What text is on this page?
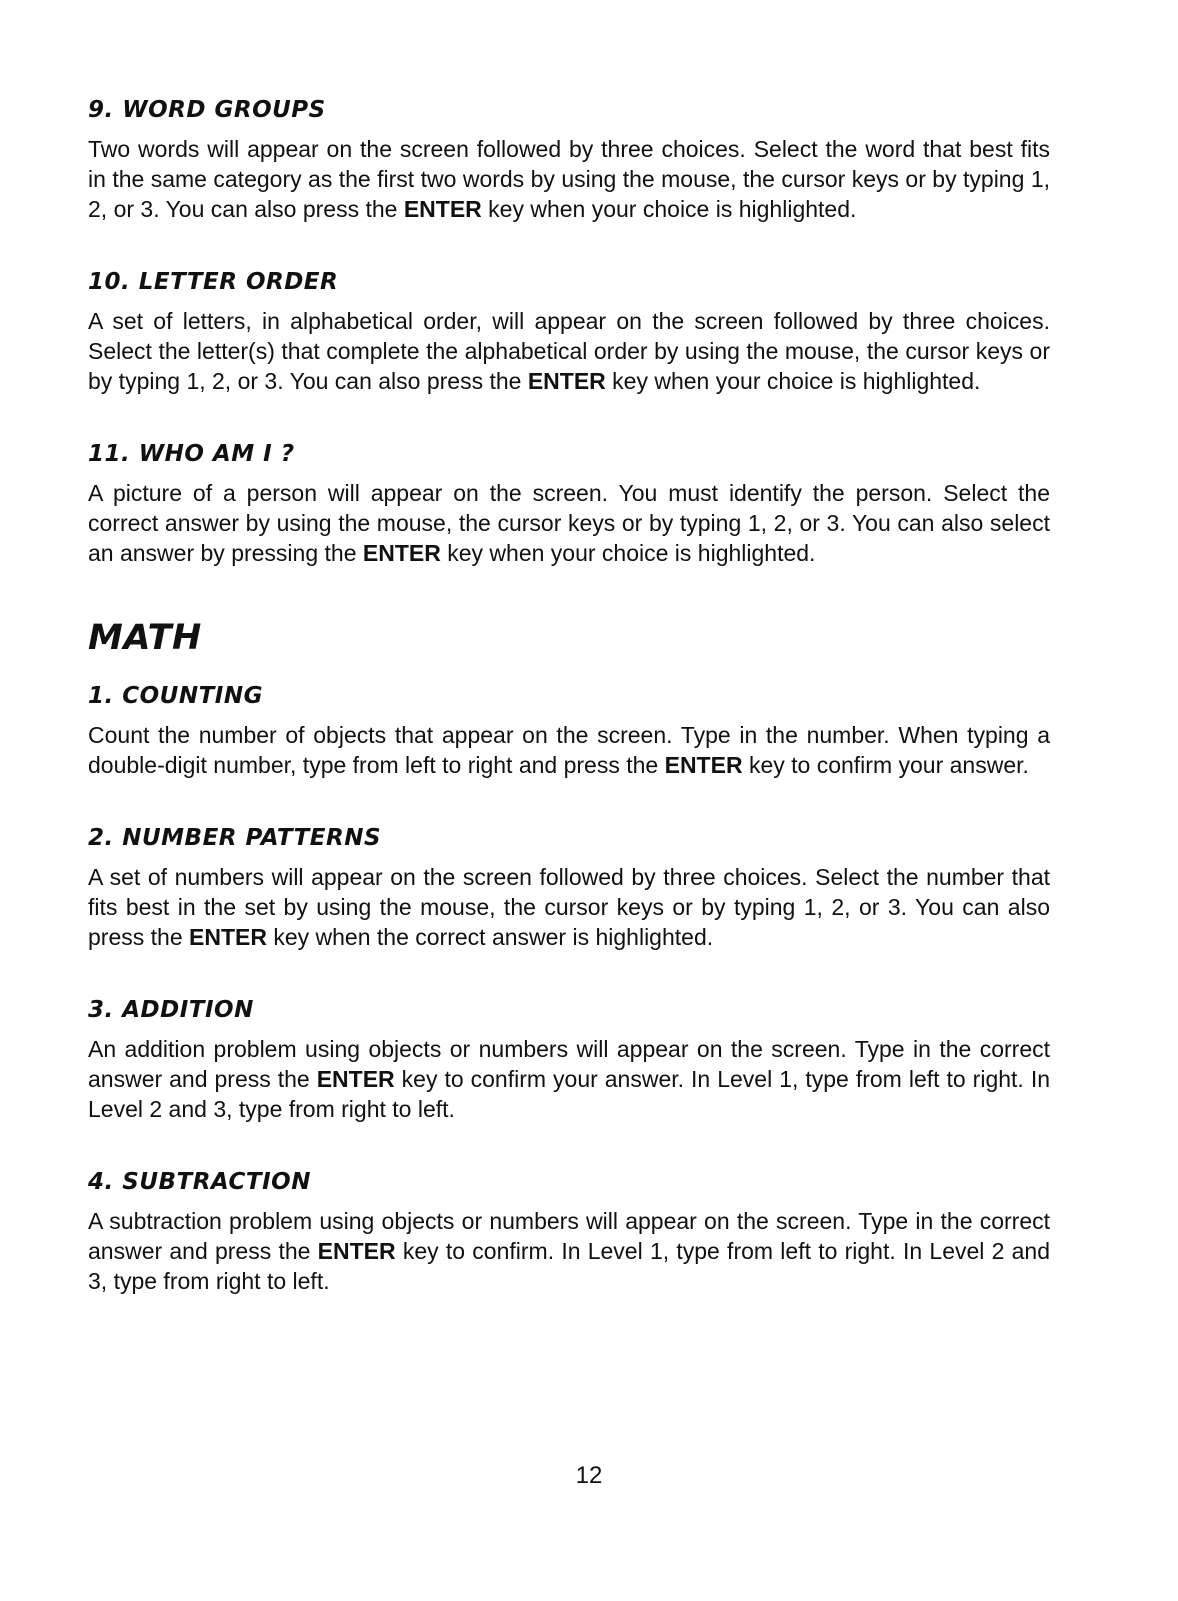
9. WORD GROUPS

Two words will appear on the screen followed by three choices. Select the word that best fits in the same category as the first two words by using the mouse, the cursor keys or by typing 1, 2, or 3. You can also press the ENTER key when your choice is highlighted.

10. LETTER ORDER

A set of letters, in alphabetical order, will appear on the screen followed by three choices. Select the letter(s) that complete the alphabetical order by using the mouse, the cursor keys or by typing 1, 2, or 3. You can also press the ENTER key when your choice is highlighted.

11. WHO AM I ?

A picture of a person will appear on the screen. You must identify the person. Select the correct answer by using the mouse, the cursor keys or by typing 1, 2, or 3. You can also select an answer by pressing the ENTER key when your choice is highlighted.

MATH
1. COUNTING

Count the number of objects that appear on the screen. Type in the number. When typing a double-digit number, type from left to right and press the ENTER key to confirm your answer.

2. NUMBER PATTERNS

A set of numbers will appear on the screen followed by three choices. Select the number that fits best in the set by using the mouse, the cursor keys or by typing 1, 2, or 3. You can also press the ENTER key when the correct answer is highlighted.

3. ADDITION

An addition problem using objects or numbers will appear on the screen. Type in the correct answer and press the ENTER key to confirm your answer. In Level 1, type from left to right. In Level 2 and 3, type from right to left.

4. SUBTRACTION

A subtraction problem using objects or numbers will appear on the screen. Type in the correct answer and press the ENTER key to confirm. In Level 1, type from left to right. In Level 2 and 3, type from right to left.

12
